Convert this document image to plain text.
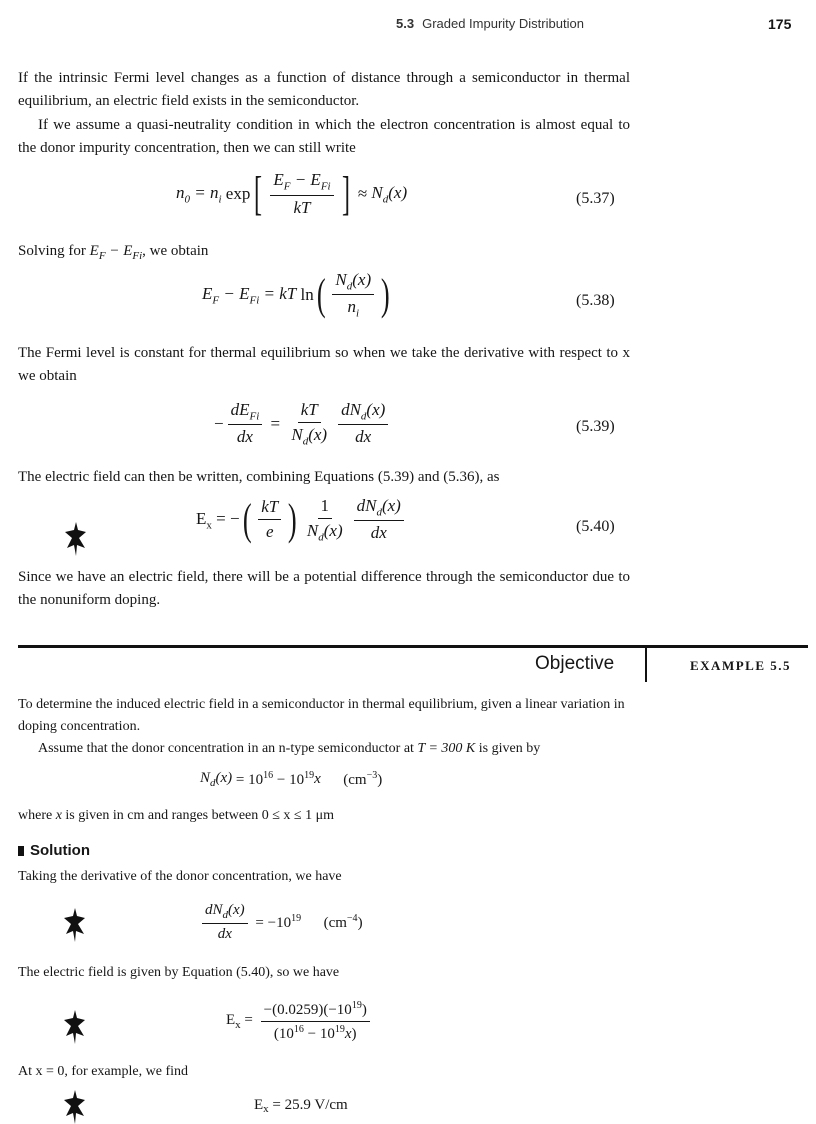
5.3 Graded Impurity Distribution	175
If the intrinsic Fermi level changes as a function of distance through a semiconductor in thermal equilibrium, an electric field exists in the semiconductor.
If we assume a quasi-neutrality condition in which the electron concentration is almost equal to the donor impurity concentration, then we can still write
$n_0 = n_i$ exp [ $\frac{E_F - E_{Fi}}{kT}$ ] ≈ $N_d(x)$	(5.37)
Solving for $E_F - E_{Fi}$, we obtain
$E_F - E_{Fi}$ = kT ln ( $\frac{N_d(x)}{n_i}$ )	(5.38)
The Fermi level is constant for thermal equilibrium so when we take the derivative with respect to x we obtain
− $\frac{dE_{Fi}}{dx} = \frac{kT}{N_d(x)} \frac{dN_d(x)}{dx}$	(5.39)
The electric field can then be written, combining Equations (5.39) and (5.36), as
$E_x$ = − ( $\frac{kT}{e}$ ) $\frac{1}{N_d(x)} \frac{dN_d(x)}{dx}$	(5.40)
Since we have an electric field, there will be a potential difference through the semiconductor due to the nonuniform doping.
Objective	EXAMPLE 5.5
To determine the induced electric field in a semiconductor in thermal equilibrium, given a linear variation in doping concentration.
Assume that the donor concentration in an n-type semiconductor at T = 300 K is given by
$N_d(x) = 10^{16} - 10^{19}$ x $(cm^{-3})$
where x is given in cm and ranges between 0 ≤ x ≤ 1 μm
Solution
Taking the derivative of the donor concentration, we have
$\frac{dN_d(x)}{dx} = -10^{19}$      $(cm^{-4})$
The electric field is given by Equation (5.40), so we have
$E_x = \frac{-(0.0259)(-10^{19})}{(10^{16} - 10^{19}x)}$
At x = 0, for example, we find
E $_x$ = 25.9 V/cm
